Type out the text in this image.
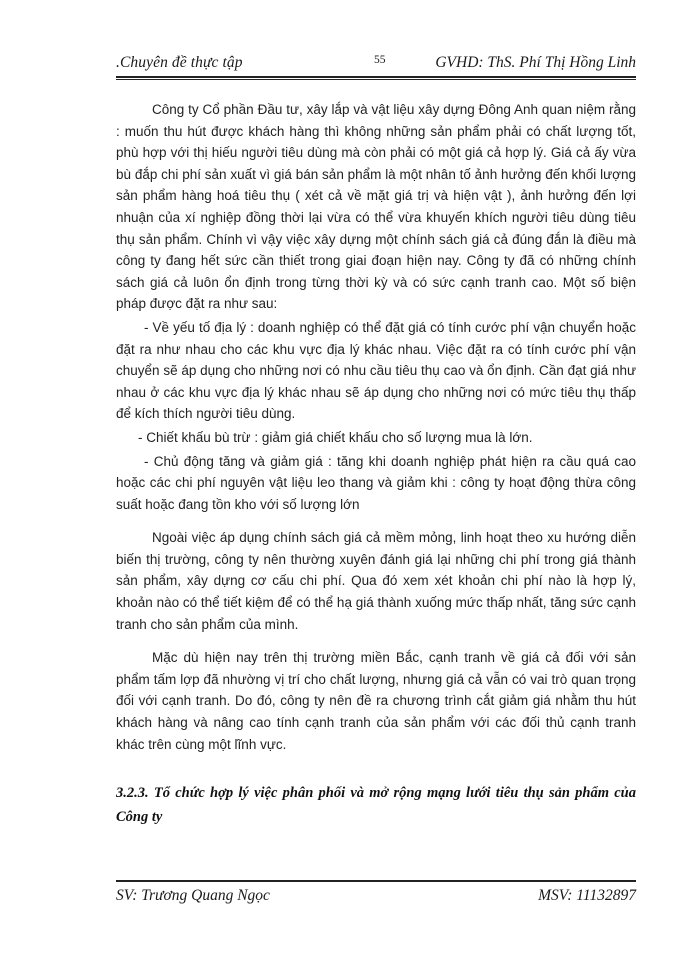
.Chuyên đề thực tập	55	GVHD: ThS. Phí Thị Hồng Linh

Công ty Cổ phần Đầu tư, xây lắp và vật liệu xây dựng Đông Anh quan niệm rằng : muốn thu hút được khách hàng thì không những sản phẩm phải có chất lượng tốt, phù hợp với thị hiếu người tiêu dùng mà còn phải có một giá cả hợp lý. Giá cả ấy vừa bù đắp chi phí sản xuất vì giá bán sản phẩm là một nhân tố ảnh hưởng đến khối lượng sản phẩm hàng hoá tiêu thụ ( xét cả về mặt giá trị và hiện vật ), ảnh hưởng đến lợi nhuận của xí nghiệp đồng thời lại vừa có thể vừa khuyến khích người tiêu dùng tiêu thụ sản phẩm. Chính vì vậy việc xây dựng một chính sách giá cả đúng đắn là điều mà công ty đang hết sức cần thiết trong giai đoạn hiện nay. Công ty đã có những chính sách giá cả luôn ổn định trong từng thời kỳ và có sức cạnh tranh cao. Một số biện pháp được đặt ra như sau:

- Về yếu tố địa lý : doanh nghiệp có thể đặt giá có tính cước phí vận chuyển hoặc đặt ra như nhau cho các khu vực địa lý khác nhau. Việc đặt ra có tính cước phí vận chuyển sẽ áp dụng cho những nơi có nhu cầu tiêu thụ cao và ổn định. Cần đạt giá như nhau ở các khu vực địa lý khác nhau sẽ áp dụng cho những nơi có mức tiêu thụ thấp để kích thích người tiêu dùng.

- Chiết khấu bù trừ : giảm giá chiết khấu cho số lượng mua là lớn.

- Chủ động tăng và giảm giá : tăng khi doanh nghiệp phát hiện ra cầu quá cao hoặc các chi phí nguyên vật liệu leo thang và giảm khi : công ty hoạt động thừa công suất hoặc đang tồn kho với số lượng lớn

Ngoài việc áp dụng chính sách giá cả mềm mỏng, linh hoạt theo xu hướng diễn biến thị trường, công ty nên thường xuyên đánh giá lại những chi phí trong giá thành sản phẩm, xây dựng cơ cấu chi phí. Qua đó xem xét khoản chi phí nào là hợp lý, khoản nào có thể tiết kiệm để có thể hạ giá thành xuống mức thấp nhất, tăng sức cạnh tranh cho sản phẩm của mình.

Mặc dù hiện nay trên thị trường miền Bắc, cạnh tranh về giá cả đối với sản phẩm tấm lợp đã nhường vị trí cho chất lượng, nhưng giá cả vẫn có vai trò quan trọng đối với cạnh tranh. Do đó, công ty nên đề ra chương trình cắt giảm giá nhằm thu hút khách hàng và nâng cao tính cạnh tranh của sản phẩm với các đối thủ cạnh tranh khác trên cùng một lĩnh vực.

3.2.3. Tổ chức hợp lý việc phân phối và mở rộng mạng lưới tiêu thụ sản phẩm của Công ty
SV: Trương Quang Ngọc	MSV: 11132897
